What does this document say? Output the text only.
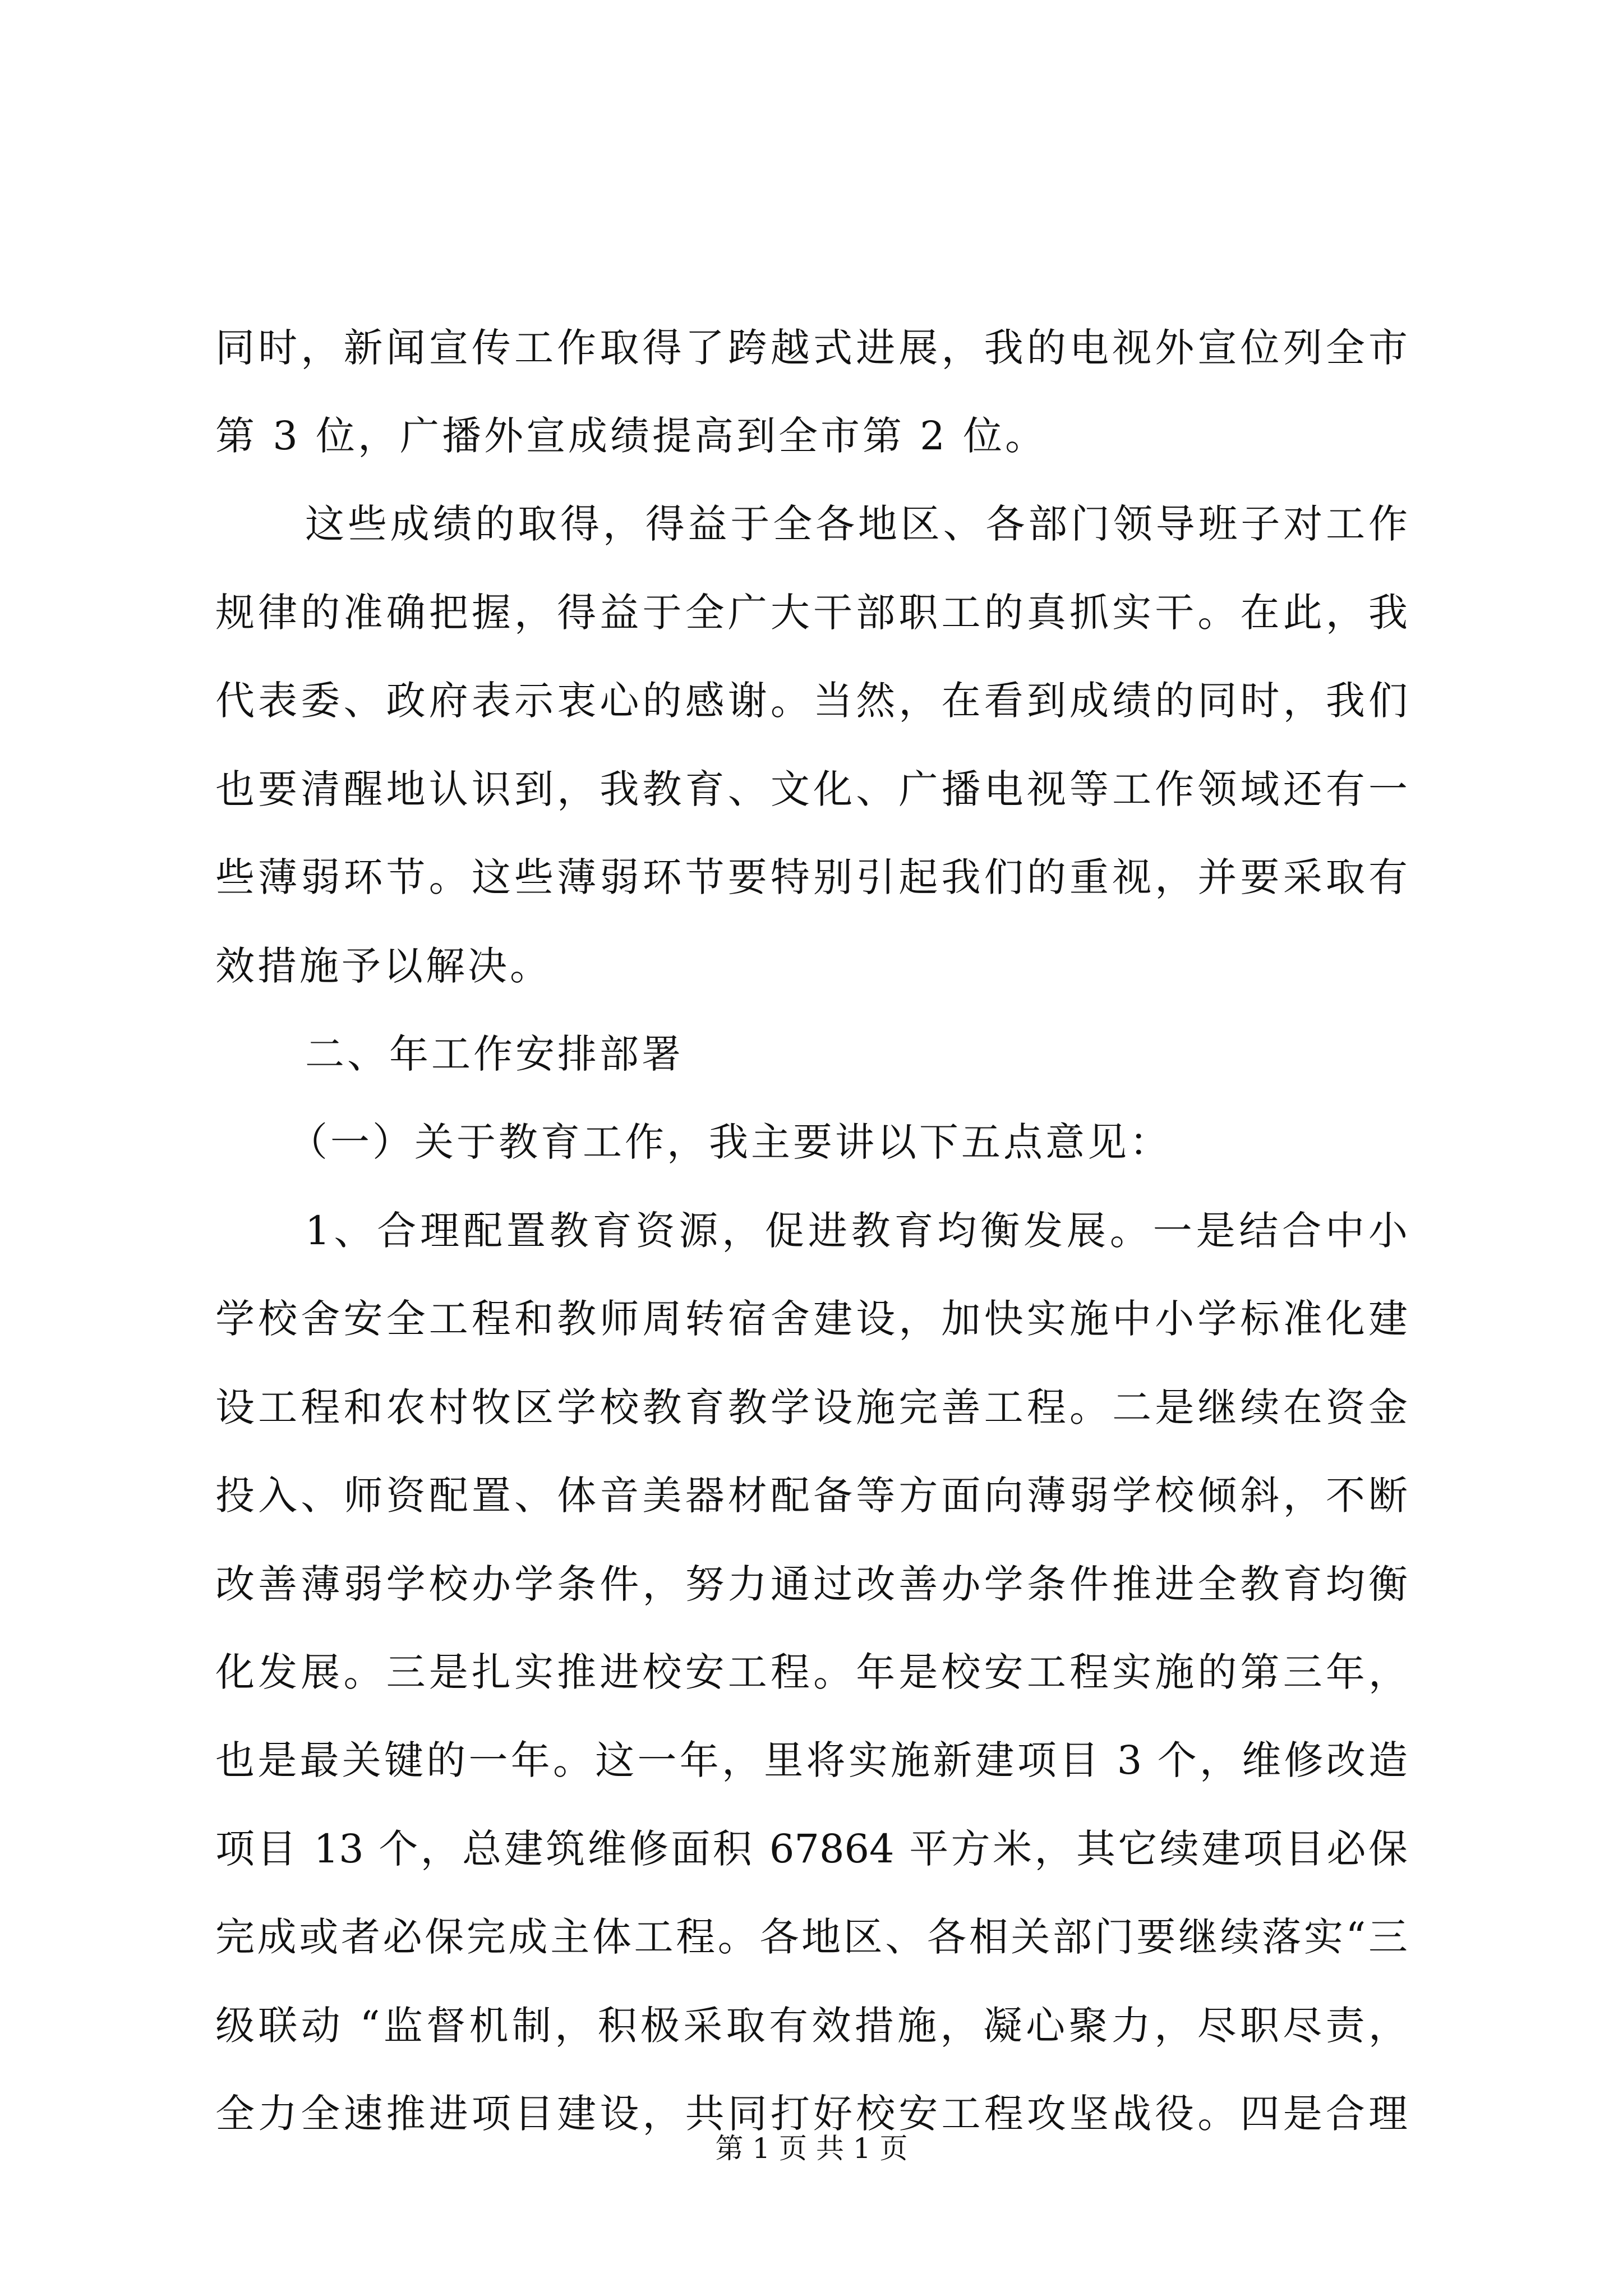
同时，新闻宣传工作取得了跨越式进展，我的电视外宣位列全市
第 3 位，广播外宣成绩提高到全市第 2 位。
这些成绩的取得，得益于全各地区、各部门领导班子对工作
规律的准确把握，得益于全广大干部职工的真抓实干。在此，我
代表委、政府表示衷心的感谢。当然，在看到成绩的同时，我们
也要清醒地认识到，我教育、文化、广播电视等工作领域还有一
些薄弱环节。这些薄弱环节要特别引起我们的重视，并要采取有
效措施予以解决。
二、年工作安排部署
（一）关于教育工作，我主要讲以下五点意见：
1、合理配置教育资源，促进教育均衡发展。一是结合中小
学校舍安全工程和教师周转宿舍建设，加快实施中小学标准化建
设工程和农村牧区学校教育教学设施完善工程。二是继续在资金
投入、师资配置、体音美器材配备等方面向薄弱学校倾斜，不断
改善薄弱学校办学条件，努力通过改善办学条件推进全教育均衡
化发展。三是扎实推进校安工程。年是校安工程实施的第三年，
也是最关键的一年。这一年，里将实施新建项目 3 个，维修改造
项目 13 个，总建筑维修面积 67864 平方米，其它续建项目必保
完成或者必保完成主体工程。各地区、各相关部门要继续落实“三
级联动 “监督机制，积极采取有效措施，凝心聚力，尽职尽责，
全力全速推进项目建设，共同打好校安工程攻坚战役。四是合理
第 1 页 共 1 页
